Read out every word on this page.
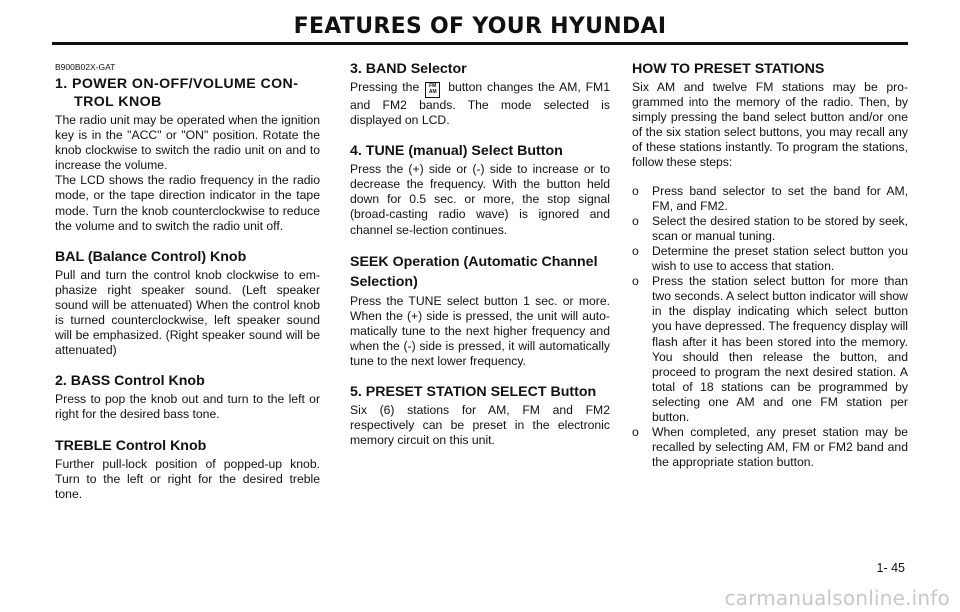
FEATURES OF YOUR HYUNDAI
B900B02X-GAT
1. POWER ON-OFF/VOLUME CON-
TROL KNOB

The radio unit may be operated when the ignition key is in the "ACC" or "ON" position. Rotate the knob clockwise to switch the radio unit on and to increase the volume.

The LCD shows the radio frequency in the radio mode, or the tape direction indicator in the tape mode. Turn the knob counterclockwise to reduce the volume and to switch the radio unit off.

BAL (Balance Control) Knob

Pull and turn the control knob clockwise to em-phasize right speaker sound. (Left speaker sound will be attenuated) When the control knob is turned counterclockwise, left speaker sound will be emphasized. (Right speaker sound will be attenuated)

2. BASS Control Knob

Press to pop the knob out and turn to the left or right for the desired bass tone.

TREBLE Control Knob

Further pull-lock position of popped-up knob. Turn to the left or right for the desired treble tone.

3. BAND Selector

Pressing the FM
AM button changes the AM, FM1 and FM2 bands. The mode selected is displayed on LCD.

4. TUNE (manual) Select Button

Press the (+) side or (-) side to increase or to decrease the frequency. With the button held down for 0.5 sec. or more, the stop signal (broad-casting radio wave) is ignored and channel se-lection continues.

SEEK Operation (Automatic Channel Selection)

Press the TUNE select button 1 sec. or more. When the (+) side is pressed, the unit will auto-matically tune to the next higher frequency and when the (-) side is pressed, it will automatically tune to the next lower frequency.

5. PRESET STATION SELECT Button

Six (6) stations for AM, FM and FM2 respectively can be preset in the electronic memory circuit on this unit.

HOW TO PRESET STATIONS

Six AM and twelve FM stations may be pro-grammed into the memory of the radio. Then, by simply pressing the band select button and/or one of the six station select buttons, you may recall any of these stations instantly. To program the stations, follow these steps:

o Press band selector to set the band for AM, FM, and FM2.
o Select the desired station to be stored by seek, scan or manual tuning.
o Determine the preset station select button you wish to use to access that station.
o Press the station select button for more than two seconds. A select button indicator will show in the display indicating which select button you have depressed. The frequency display will flash after it has been stored into the memory. You should then release the button, and proceed to program the next desired station. A total of 18 stations can be programmed by selecting one AM and one FM station per button.
o When completed, any preset station may be recalled by selecting AM, FM or FM2 band and the appropriate station button.
1- 45
carmanualsonline.info
